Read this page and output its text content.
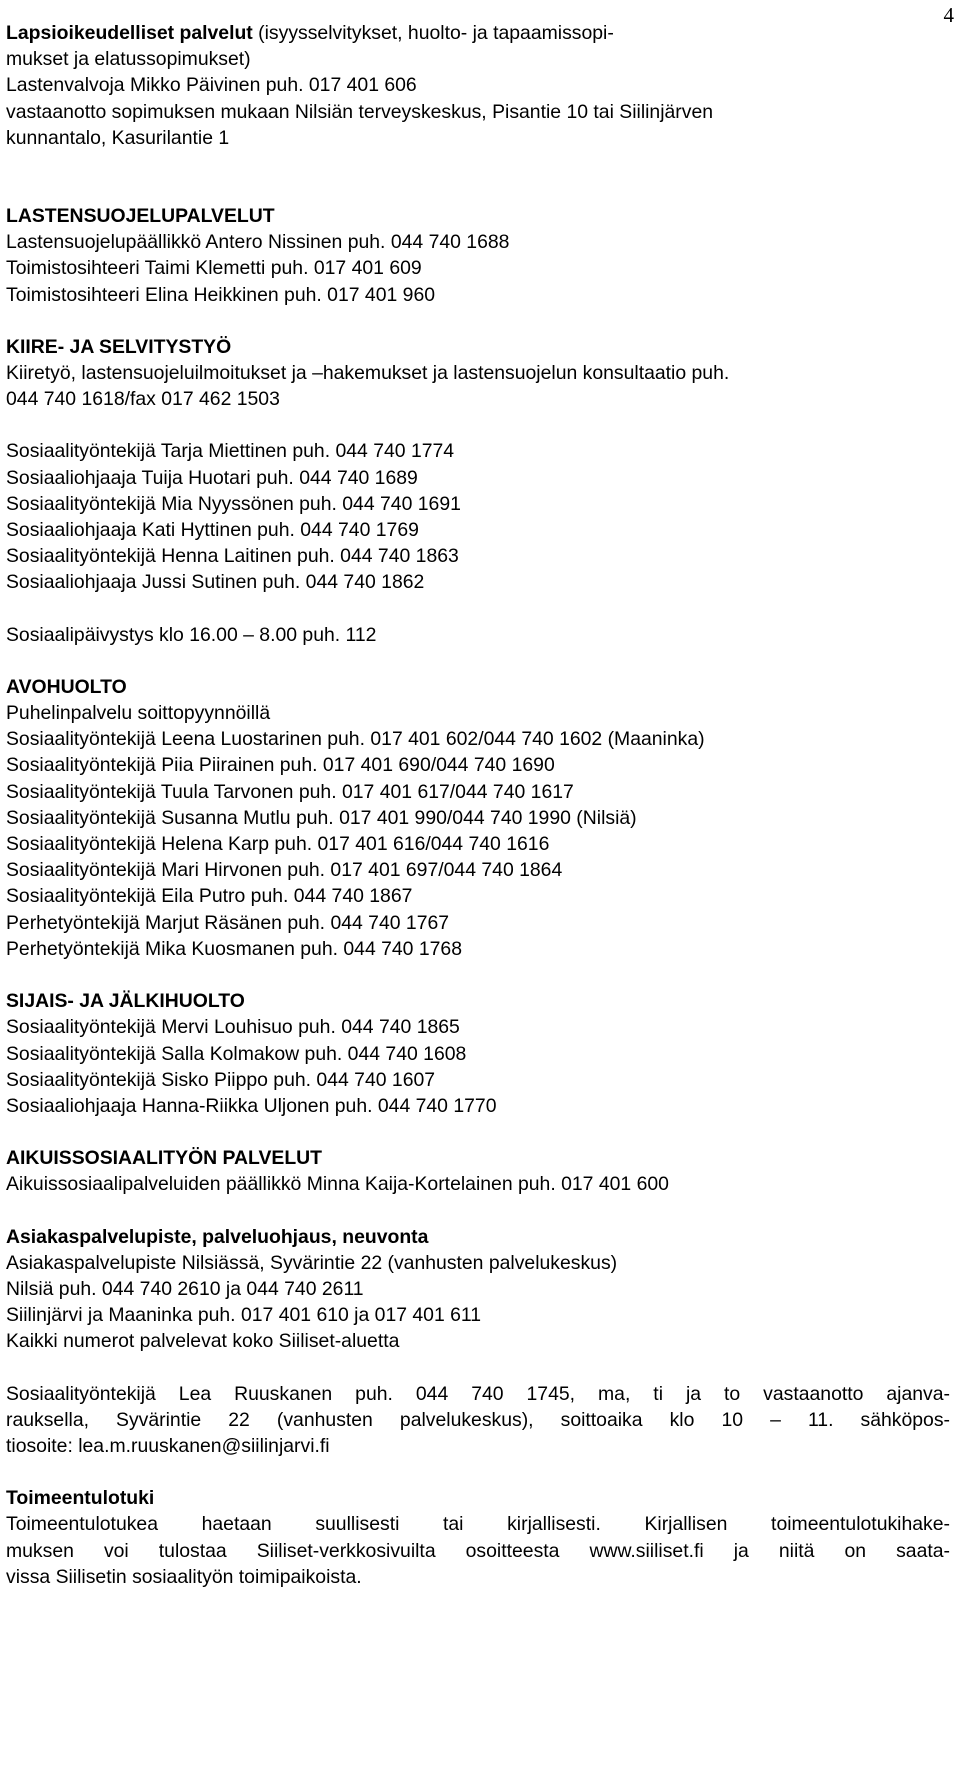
4

Lapsioikeudelliset palvelut (isyysselvitykset, huolto- ja tapaamissopi-

mukset ja elatussopimukset)

Lastenvalvoja Mikko Päivinen puh. 017 401 606

vastaanotto sopimuksen mukaan Nilsiän terveyskeskus, Pisantie 10 tai Siilinjärven

kunnantalo, Kasurilantie 1

LASTENSUOJELUPALVELUT

Lastensuojelupäällikkö Antero Nissinen puh. 044 740 1688

Toimistosihteeri Taimi Klemetti puh. 017 401 609

Toimistosihteeri Elina Heikkinen puh. 017 401 960

KIIRE- JA SELVITYSTYÖ

Kiiretyö, lastensuojeluilmoitukset ja –hakemukset ja lastensuojelun konsultaatio puh.

044 740 1618/fax 017 462 1503

Sosiaalityöntekijä Tarja Miettinen puh. 044 740 1774

Sosiaaliohjaaja Tuija Huotari puh. 044 740 1689

Sosiaalityöntekijä Mia Nyyssönen puh. 044 740 1691

Sosiaaliohjaaja Kati Hyttinen puh. 044 740 1769

Sosiaalityöntekijä Henna Laitinen puh. 044 740 1863

Sosiaaliohjaaja Jussi Sutinen puh. 044 740 1862

Sosiaalipäivystys klo 16.00 – 8.00 puh. 112

AVOHUOLTO

Puhelinpalvelu soittopyynnöillä

Sosiaalityöntekijä Leena Luostarinen puh. 017 401 602/044 740 1602 (Maaninka)

Sosiaalityöntekijä Piia Piirainen puh. 017 401 690/044 740 1690

Sosiaalityöntekijä Tuula Tarvonen puh. 017 401 617/044 740 1617

Sosiaalityöntekijä Susanna Mutlu puh. 017 401 990/044 740 1990 (Nilsiä)

Sosiaalityöntekijä Helena Karp puh. 017 401 616/044 740 1616

Sosiaalityöntekijä Mari Hirvonen puh. 017 401 697/044 740 1864

Sosiaalityöntekijä Eila Putro puh. 044 740 1867

Perhetyöntekijä Marjut Räsänen puh. 044 740 1767

Perhetyöntekijä Mika Kuosmanen puh. 044 740 1768

SIJAIS- JA JÄLKIHUOLTO

Sosiaalityöntekijä Mervi Louhisuo puh. 044 740 1865

Sosiaalityöntekijä Salla Kolmakow puh. 044 740 1608

Sosiaalityöntekijä Sisko Piippo puh. 044 740 1607

Sosiaaliohjaaja Hanna-Riikka Uljonen puh. 044 740 1770

AIKUISSOSIAALITYÖN PALVELUT

Aikuissosiaalipalveluiden päällikkö Minna Kaija-Kortelainen puh. 017 401 600

Asiakaspalvelupiste, palveluohjaus, neuvonta

Asiakaspalvelupiste Nilsiässä, Syvärintie 22 (vanhusten palvelukeskus)

Nilsiä puh. 044 740 2610 ja 044 740 2611

Siilinjärvi ja Maaninka puh. 017 401 610 ja 017 401 611

Kaikki numerot palvelevat koko Siiliset-aluetta

Sosiaalityöntekijä Lea Ruuskanen puh. 044 740 1745, ma, ti ja to vastaanotto ajanva-
rauksella, Syvärintie 22 (vanhusten palvelukeskus), soittoaika klo 10 – 11. sähköpos-
tiosoite: lea.m.ruuskanen@siilinjarvi.fi

Toimeentulotuki

Toimeentulotukea haetaan suullisesti tai kirjallisesti. Kirjallisen toimeentulotukihake-
muksen voi tulostaa Siiliset-verkkosivuilta osoitteesta www.siiliset.fi ja niitä on saata-
vissa Siilisetin sosiaalityön toimipaikoista.
